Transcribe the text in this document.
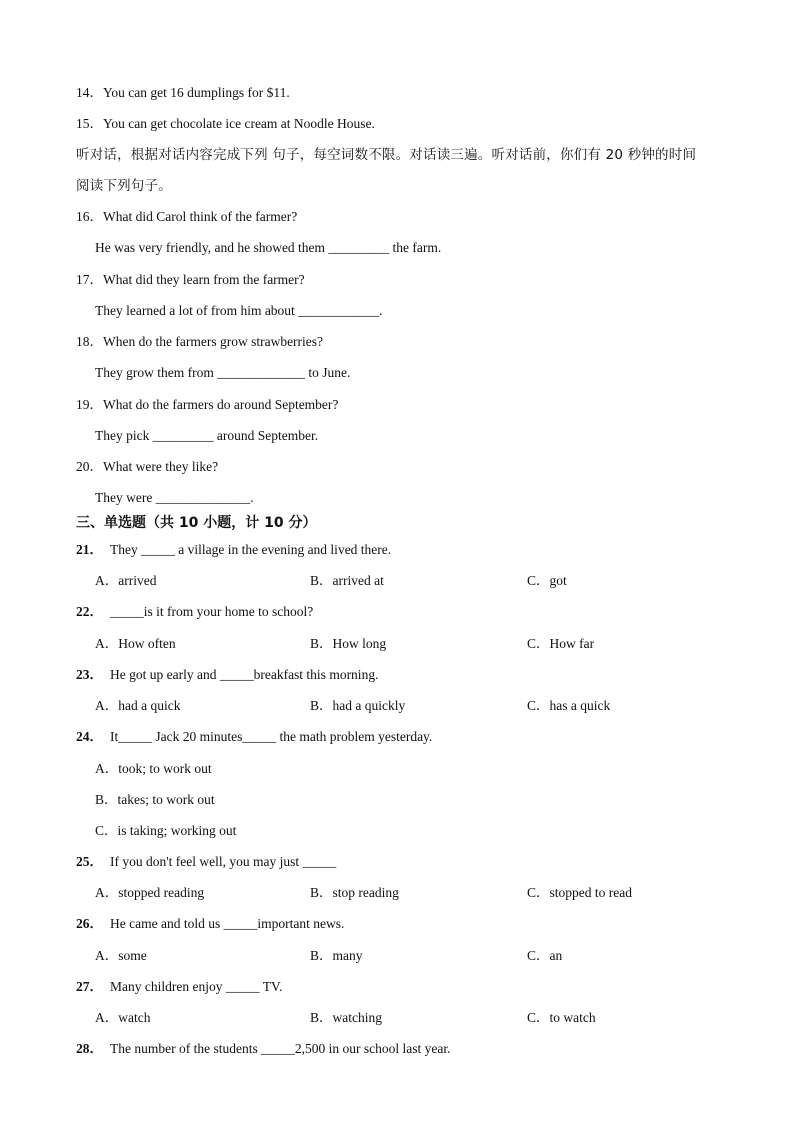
14．You can get 16 dumplings for $11.
15．You can get chocolate ice cream at Noodle House.
听对话，根据对话内容完成下列 句子，每空词数不限。对话读三遍。听对话前，你们有 20 秒钟的时间
阅读下列句子。
16．What did Carol think of the farmer?
He was very friendly, and he showed them _________ the farm.
17．What did they learn from the farmer?
They learned a lot of from him about ____________.
18．When do the farmers grow strawberries?
They grow them from _____________ to June.
19．What do the farmers do around September?
They pick _________ around September.
20．What were they like?
They were ______________.
三、单选题（共 10 小题，计 10 分）
21． They _____ a village in the evening and lived there.
A．arrived	B．arrived at	C．got
22． _____is it from your home to school?
A．How often	B．How long	C．How far
23． He got up early and _____breakfast this morning.
A．had a quick	B．had a quickly	C．has a quick
24． It_____ Jack 20 minutes_____ the math problem yesterday.
A．took; to work out
B．takes; to work out
C．is taking; working out
25． If you don't feel well, you may just _____
A．stopped reading	B．stop reading	C．stopped to read
26． He came and told us _____important news.
A．some	B．many	C．an
27． Many children enjoy _____ TV.
A．watch	B．watching	C．to watch
28． The number of the students _____2,500 in our school last year.
